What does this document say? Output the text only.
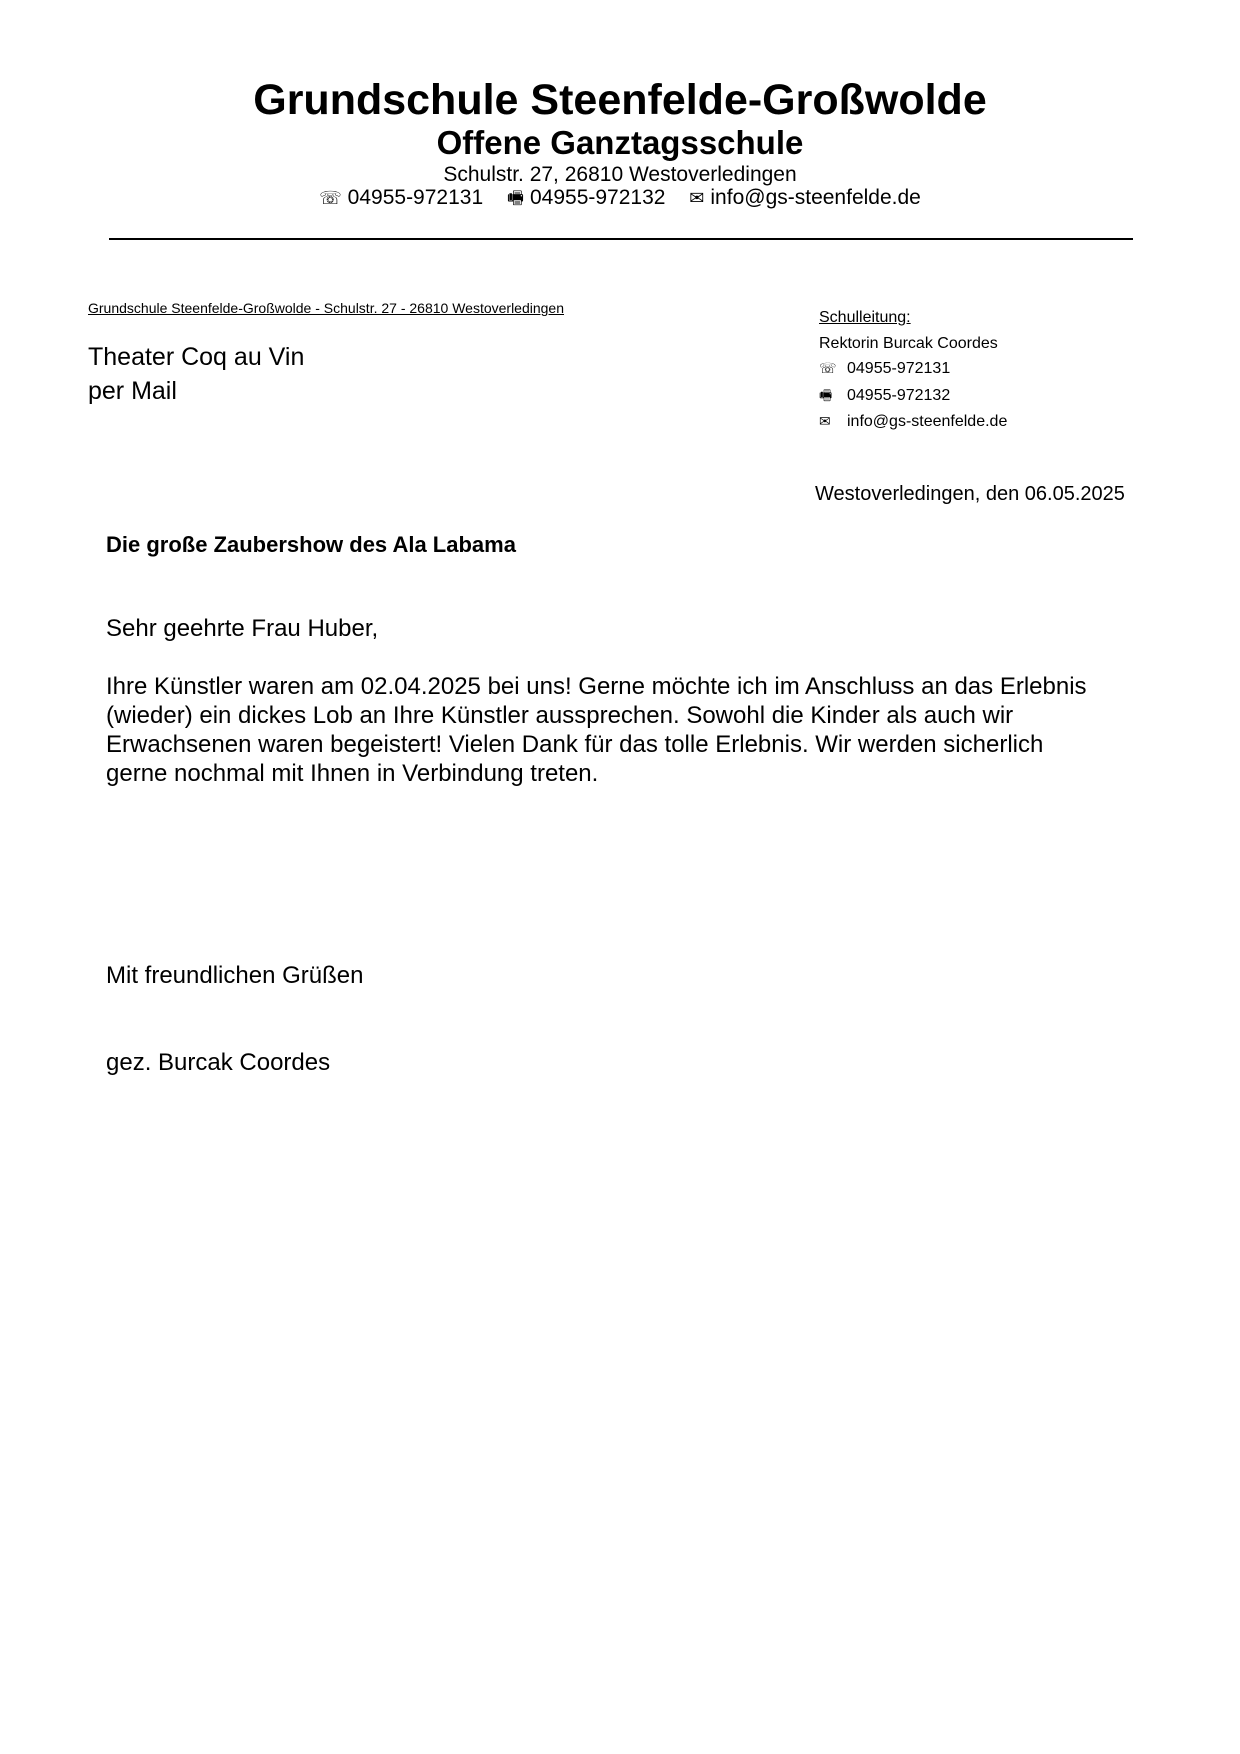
Grundschule Steenfelde-Großwolde
Offene Ganztagsschule
Schulstr. 27, 26810 Westoverledingen
☏ 04955-972131 🖷 04955-972132 ✉ info@gs-steenfelde.de
Grundschule Steenfelde-Großwolde - Schulstr. 27 - 26810 Westoverledingen
Theater Coq au Vin
per Mail
Schulleitung:
Rektorin Burcak Coordes
☏ 04955-972131
🖷 04955-972132
✉ info@gs-steenfelde.de
Westoverledingen, den 06.05.2025
Die große Zaubershow des Ala Labama
Sehr geehrte Frau Huber,
Ihre Künstler waren am 02.04.2025 bei uns! Gerne möchte ich im Anschluss an das Erlebnis
(wieder) ein dickes Lob an Ihre Künstler aussprechen. Sowohl die Kinder als auch wir
Erwachsenen waren begeistert! Vielen Dank für das tolle Erlebnis. Wir werden sicherlich
gerne nochmal mit Ihnen in Verbindung treten.
Mit freundlichen Grüßen
gez. Burcak Coordes
